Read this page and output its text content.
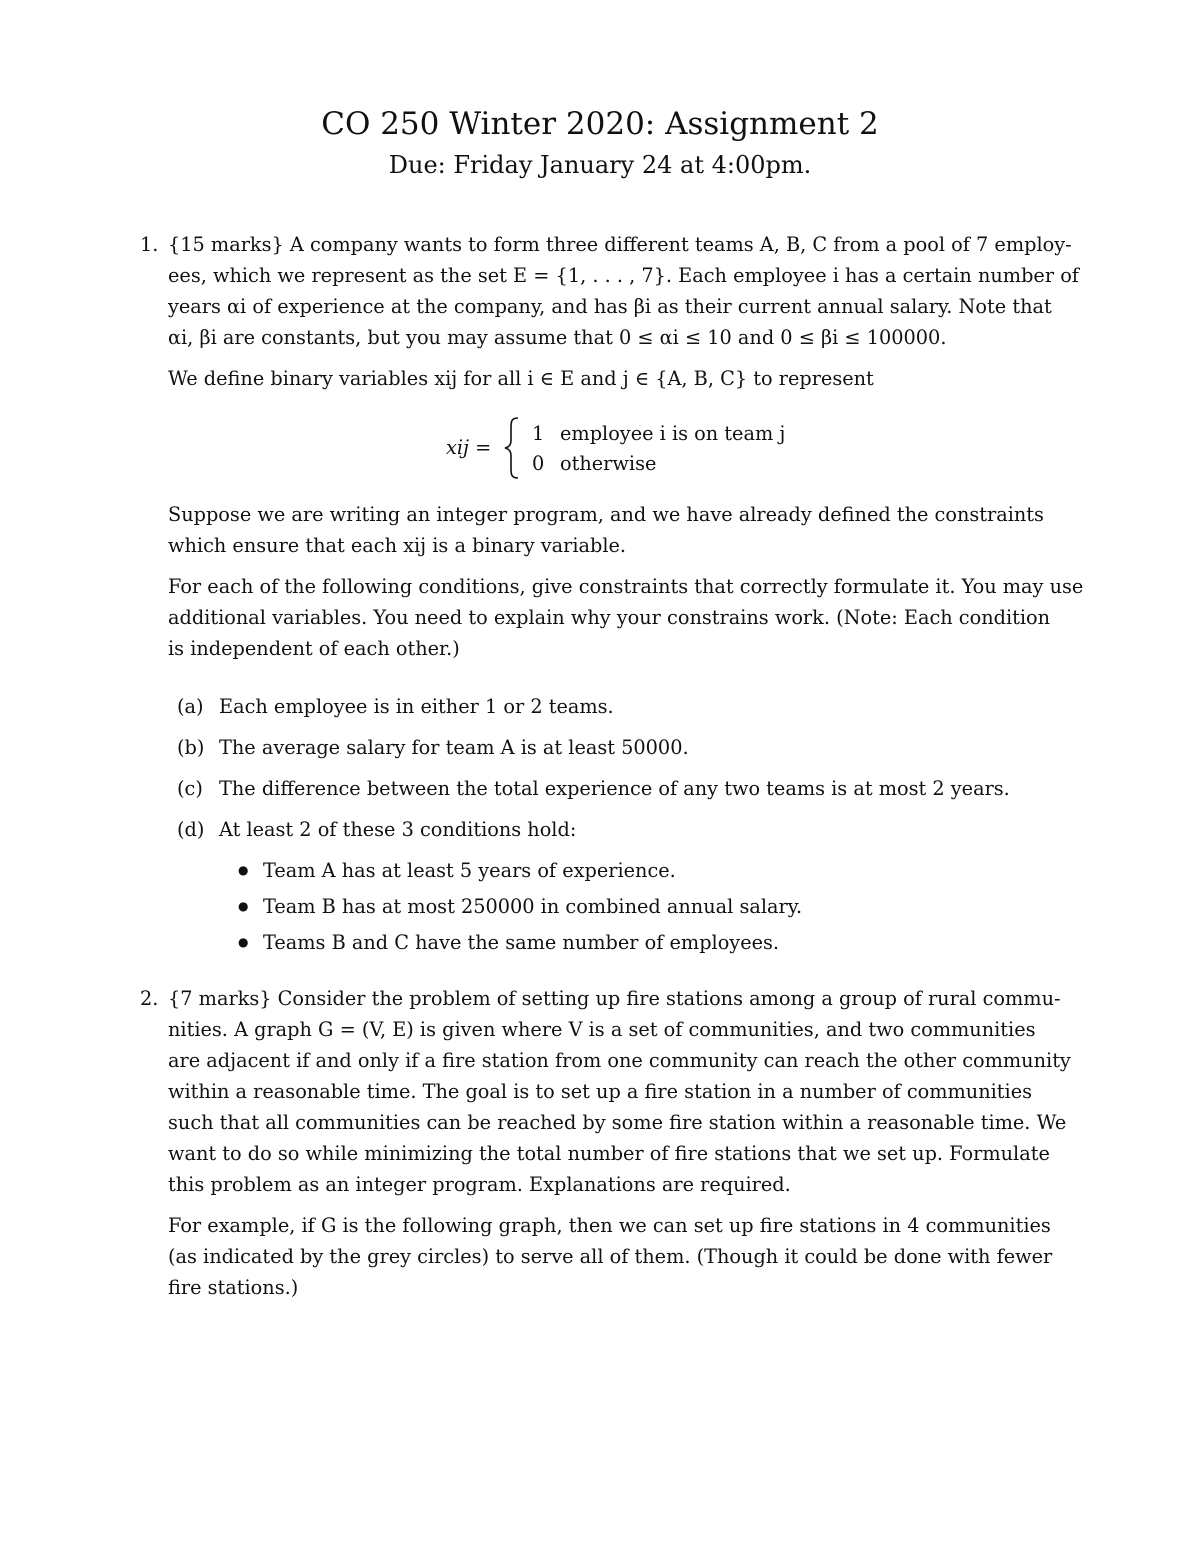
CO 250 Winter 2020: Assignment 2
Due: Friday January 24 at 4:00pm.
1. {15 marks} A company wants to form three different teams A, B, C from a pool of 7 employ-
ees, which we represent as the set E = {1, . . . , 7}. Each employee i has a certain number of
years αi of experience at the company, and has βi as their current annual salary. Note that
αi, βi are constants, but you may assume that 0 ≤ αi ≤ 10 and 0 ≤ βi ≤ 100000.
We define binary variables xij for all i ∈ E and j ∈ {A, B, C} to represent
xij =
1 employee i is on team j
0 otherwise
Suppose we are writing an integer program, and we have already defined the constraints
which ensure that each xij is a binary variable.
For each of the following conditions, give constraints that correctly formulate it. You may use
additional variables. You need to explain why your constrains work. (Note: Each condition
is independent of each other.)
(a) Each employee is in either 1 or 2 teams.
(b) The average salary for team A is at least 50000.
(c) The difference between the total experience of any two teams is at most 2 years.
(d) At least 2 of these 3 conditions hold:
● Team A has at least 5 years of experience.
● Team B has at most 250000 in combined annual salary.
● Teams B and C have the same number of employees.
2. {7 marks} Consider the problem of setting up fire stations among a group of rural commu-
nities. A graph G = (V, E) is given where V is a set of communities, and two communities
are adjacent if and only if a fire station from one community can reach the other community
within a reasonable time. The goal is to set up a fire station in a number of communities
such that all communities can be reached by some fire station within a reasonable time. We
want to do so while minimizing the total number of fire stations that we set up. Formulate
this problem as an integer program. Explanations are required.
For example, if G is the following graph, then we can set up fire stations in 4 communities
(as indicated by the grey circles) to serve all of them. (Though it could be done with fewer
fire stations.)
